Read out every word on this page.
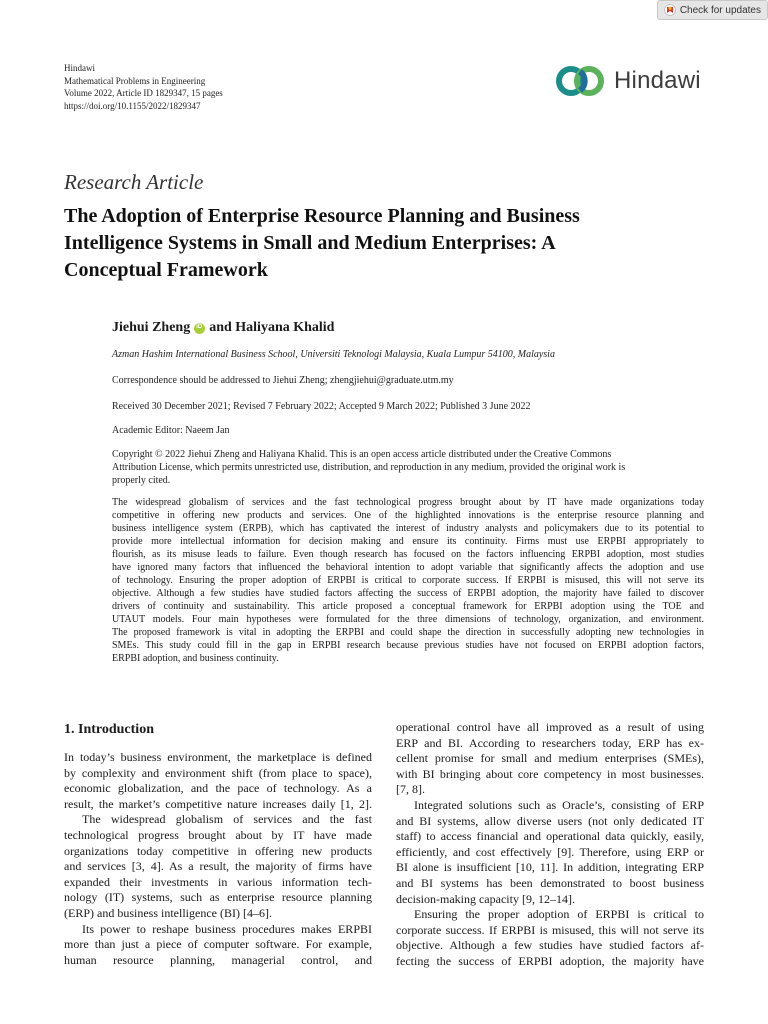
Check for updates
Hindawi
Mathematical Problems in Engineering
Volume 2022, Article ID 1829347, 15 pages
https://doi.org/10.1155/2022/1829347
Hindawi
Research Article
The Adoption of Enterprise Resource Planning and Business
Intelligence Systems in Small and Medium Enterprises: A
Conceptual Framework
Jiehui Zheng
iD and Haliyana Khalid
Azman Hashim International Business School, Universiti Teknologi Malaysia, Kuala Lumpur 54100, Malaysia
Correspondence should be addressed to Jiehui Zheng; zhengjiehui@graduate.utm.my
Received 30 December 2021; Revised 7 February 2022; Accepted 9 March 2022; Published 3 June 2022
Academic Editor: Naeem Jan
Copyright © 2022 Jiehui Zheng and Haliyana Khalid. This is an open access article distributed under the Creative Commons
Attribution License, which permits unrestricted use, distribution, and reproduction in any medium, provided the original work is
properly cited.
The widespread globalism of services and the fast technological progress brought about by IT have made organizations today
competitive in offering new products and services. One of the highlighted innovations is the enterprise resource planning and
business intelligence system (ERPB), which has captivated the interest of industry analysts and policymakers due to its potential to
provide more intellectual information for decision making and ensure its continuity. Firms must use ERPBI appropriately to
flourish, as its misuse leads to failure. Even though research has focused on the factors influencing ERPBI adoption, most studies
have ignored many factors that influenced the behavioral intention to adopt variable that significantly affects the adoption and use
of technology. Ensuring the proper adoption of ERPBI is critical to corporate success. If ERPBI is misused, this will not serve its
objective. Although a few studies have studied factors affecting the success of ERPBI adoption, the majority have failed to discover
drivers of continuity and sustainability. This article proposed a conceptual framework for ERPBI adoption using the TOE and
UTAUT models. Four main hypotheses were formulated for the three dimensions of technology, organization, and environment.
The proposed framework is vital in adopting the ERPBI and could shape the direction in successfully adopting new technologies in
SMEs. This study could fill in the gap in ERPBI research because previous studies have not focused on ERPBI adoption factors,
ERPBI adoption, and business continuity.
1. Introduction
In today’s business environment, the marketplace is defined
by complexity and environment shift (from place to space),
economic globalization, and the pace of technology. As a
result, the market’s competitive nature increases daily [1, 2].
The widespread globalism of services and the fast
technological progress brought about by IT have made
organizations today competitive in offering new products
and services [3, 4]. As a result, the majority of firms have
expanded their investments in various information tech-
nology (IT) systems, such as enterprise resource planning
(ERP) and business intelligence (BI) [4–6].
Its power to reshape business procedures makes ERPBI
more than just a piece of computer software. For example,
human resource planning, managerial control, and
operational control have all improved as a result of using
ERP and BI. According to researchers today, ERP has ex-
cellent promise for small and medium enterprises (SMEs),
with BI bringing about core competency in most businesses.
[7, 8].
Integrated solutions such as Oracle’s, consisting of ERP
and BI systems, allow diverse users (not only dedicated IT
staff) to access financial and operational data quickly, easily,
efficiently, and cost effectively [9]. Therefore, using ERP or
BI alone is insufficient [10, 11]. In addition, integrating ERP
and BI systems has been demonstrated to boost business
decision-making capacity [9, 12–14].
Ensuring the proper adoption of ERPBI is critical to
corporate success. If ERPBI is misused, this will not serve its
objective. Although a few studies have studied factors af-
fecting the success of ERPBI adoption, the majority have
